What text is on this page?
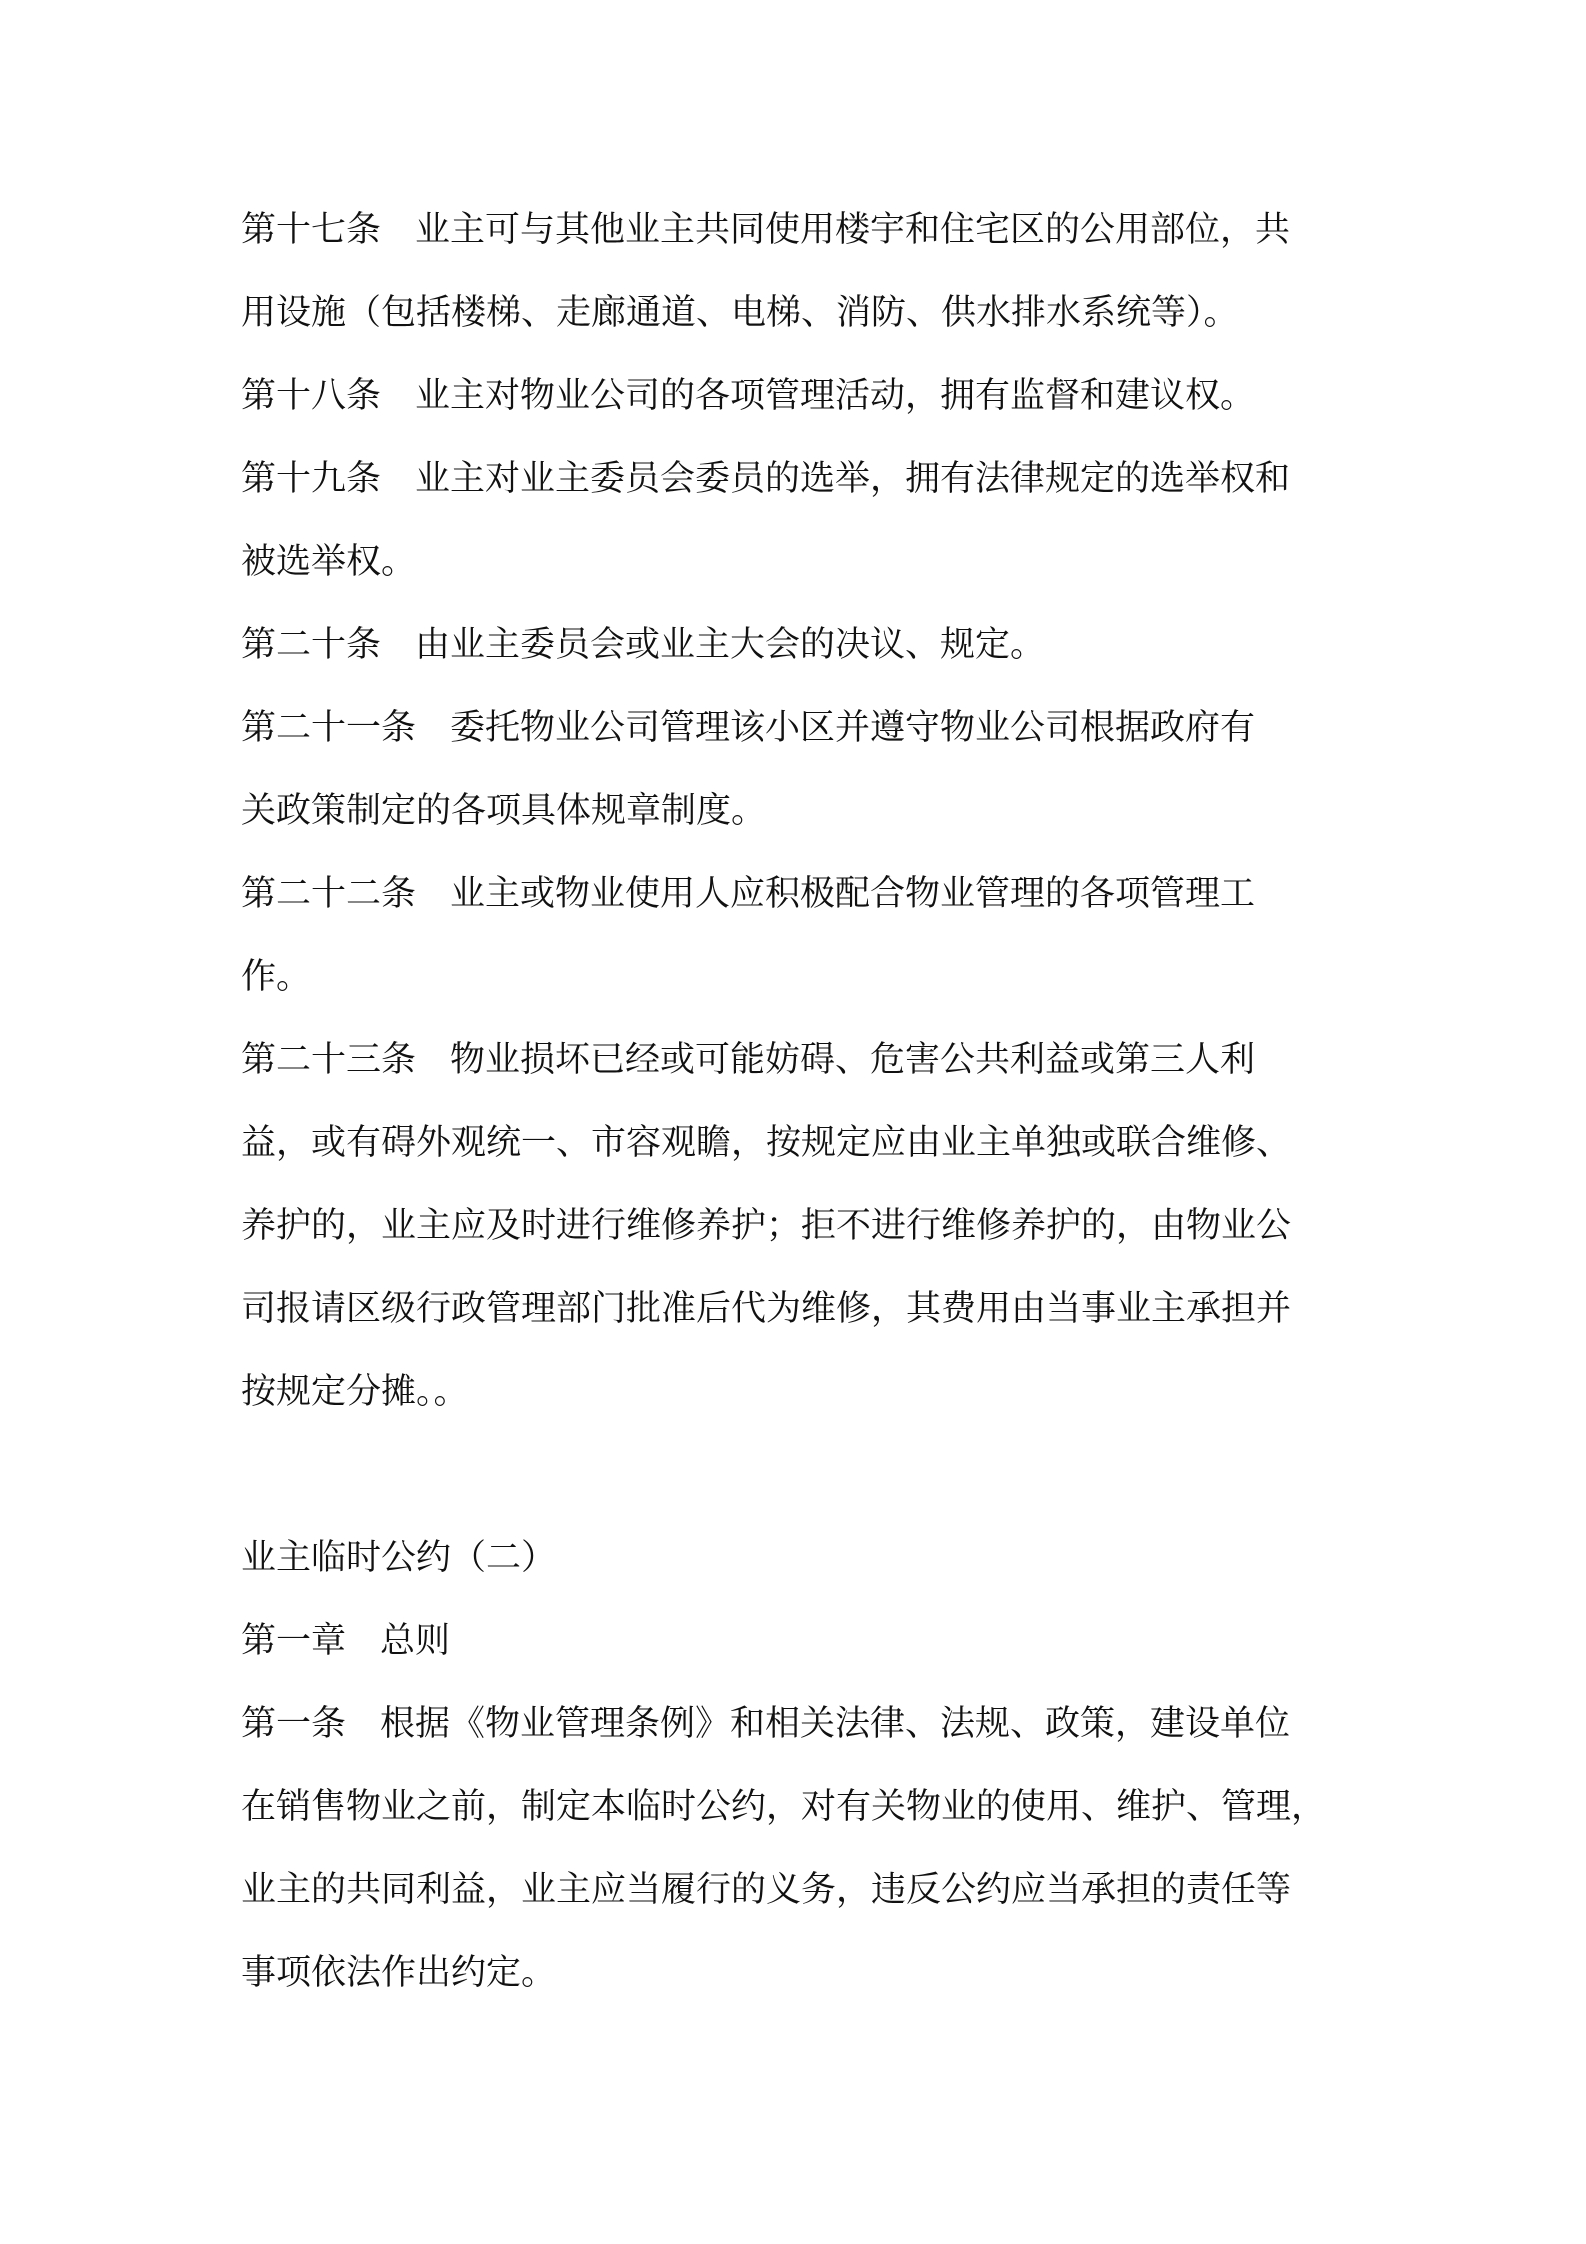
第十七条 业主可与其他业主共同使用楼宇和住宅区的公用部位，共
用设施（包括楼梯、走廊通道、电梯、消防、供水排水系统等）。
第十八条 业主对物业公司的各项管理活动，拥有监督和建议权。
第十九条 业主对业主委员会委员的选举，拥有法律规定的选举权和
被选举权。
第二十条 由业主委员会或业主大会的决议、规定。
第二十一条 委托物业公司管理该小区并遵守物业公司根据政府有
关政策制定的各项具体规章制度。
第二十二条 业主或物业使用人应积极配合物业管理的各项管理工
作。
第二十三条 物业损坏已经或可能妨碍、危害公共利益或第三人利
益，或有碍外观统一、市容观瞻，按规定应由业主单独或联合维修、
养护的，业主应及时进行维修养护；拒不进行维修养护的，由物业公
司报请区级行政管理部门批准后代为维修，其费用由当事业主承担并
按规定分摊。。
业主临时公约（二）
第一章 总则
第一条 根据《物业管理条例》和相关法律、法规、政策，建设单位
在销售物业之前，制定本临时公约，对有关物业的使用、维护、管理，
业主的共同利益，业主应当履行的义务，违反公约应当承担的责任等
事项依法作出约定。
